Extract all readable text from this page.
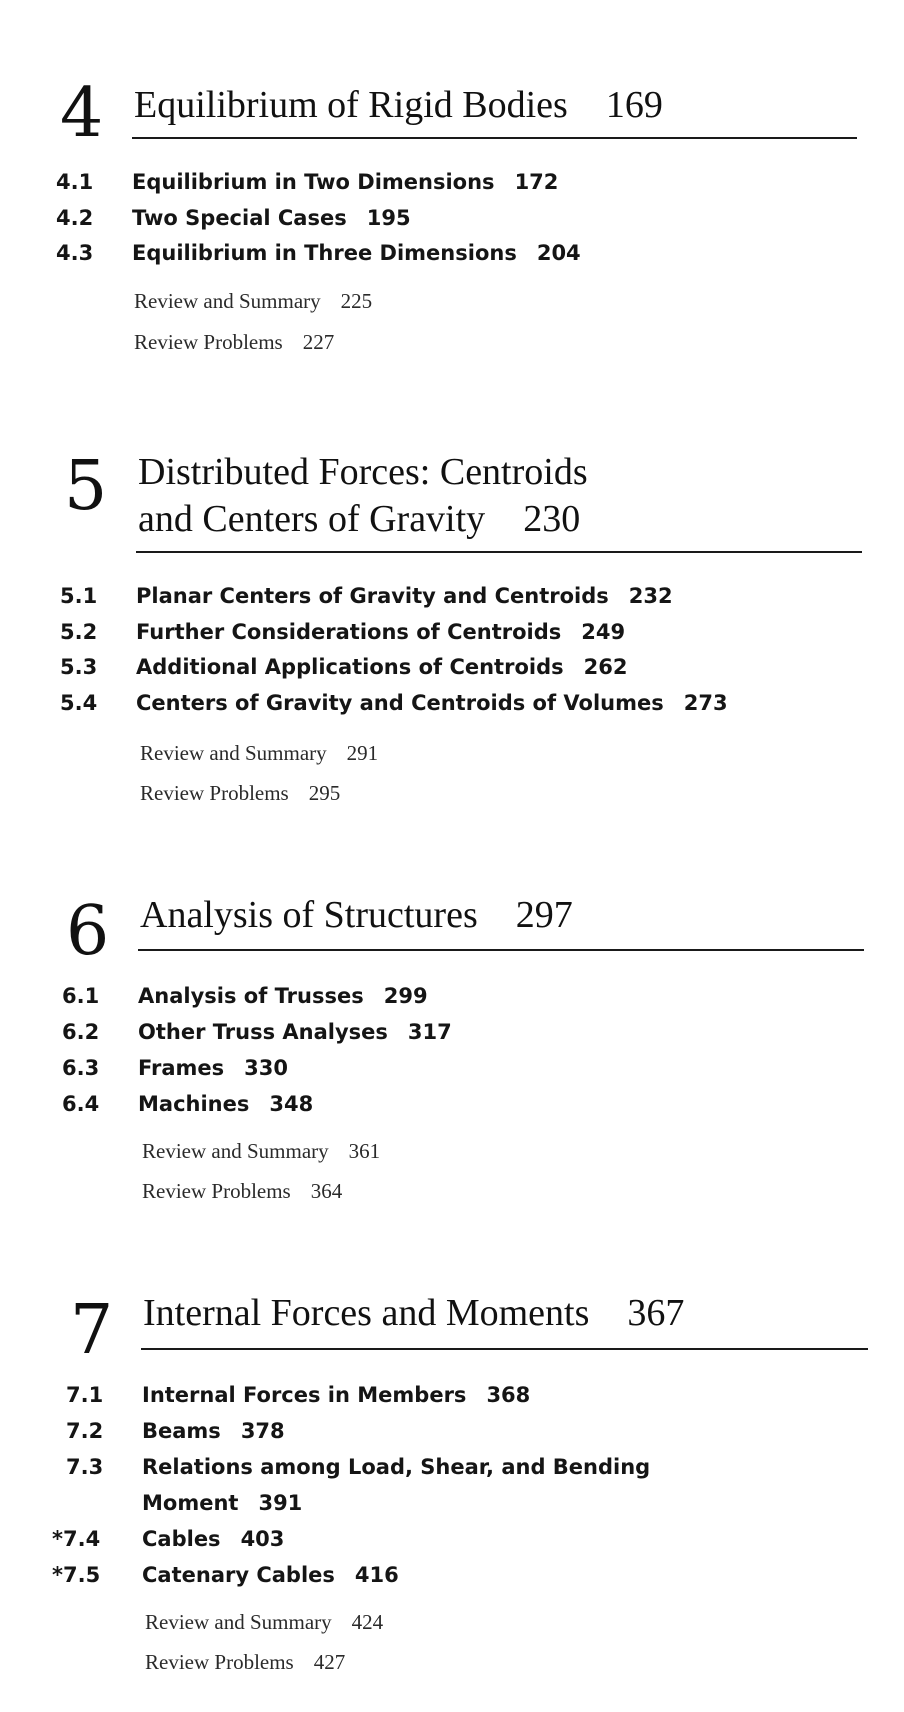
4 Equilibrium of Rigid Bodies 169
4.1	Equilibrium in Two Dimensions 172
4.2	Two Special Cases 195
4.3	Equilibrium in Three Dimensions 204
Review and Summary 225
Review Problems 227
5 Distributed Forces: Centroids
and Centers of Gravity 230
5.1	Planar Centers of Gravity and Centroids 232
5.2	Further Considerations of Centroids 249
5.3	Additional Applications of Centroids 262
5.4	Centers of Gravity and Centroids of Volumes 273
Review and Summary 291
Review Problems 295
6 Analysis of Structures 297
6.1	Analysis of Trusses 299
6.2	Other Truss Analyses 317
6.3	Frames 330
6.4	Machines 348
Review and Summary 361
Review Problems 364
7 Internal Forces and Moments 367
7.1	Internal Forces in Members 368
7.2	Beams 378
7.3	Relations among Load, Shear, and Bending
Moment 391
*7.4	Cables 403
*7.5	Catenary Cables 416
Review and Summary 424
Review Problems 427
